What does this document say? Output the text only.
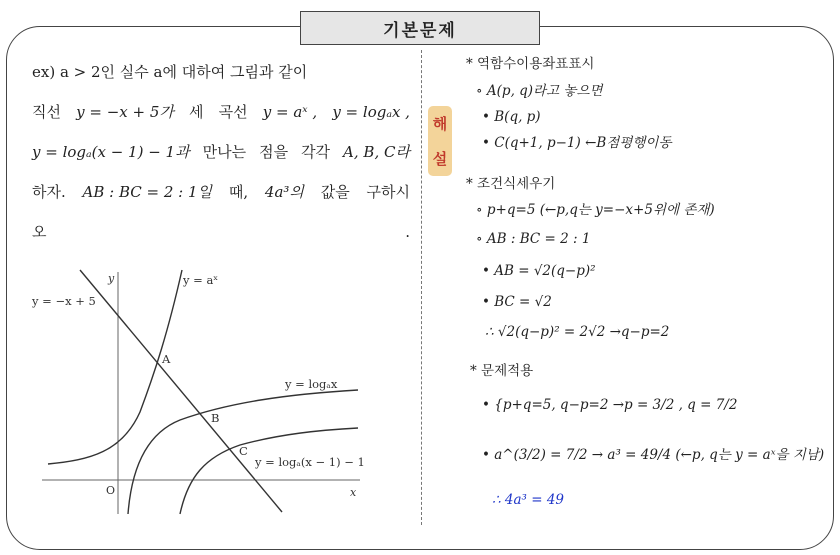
기본문제
ex) a > 2인 실수 a에 대하여 그림과 같이
직선 y = −x + 5가 세 곡선 y = aˣ , y = logₐx ,
y = logₐ(x − 1) − 1과 만나는 점을 각각 A, B, C라
하자. AB : BC = 2 : 1일 때, 4a³의 값을 구하시
오	.
y
x
O
y = −x + 5
y = aˣ
y = logₐx
y = logₐ(x − 1) − 1
A
B
C
해
설
* 역함수이용좌표표시
∘ A(p, q)라고 놓으면
• B(q, p)
• C(q+1, p−1) ←B점평행이동
* 조건식세우기
∘ p+q=5 (←p,q는 y=−x+5위에 존재)
∘ AB : BC = 2 : 1
• AB = √2(q−p)²
• BC = √2
∴ √2(q−p)² = 2√2 →q−p=2
* 문제적용
• {p+q=5, q−p=2 →p = 3/2 , q = 7/2
• a^(3/2) = 7/2 → a³ = 49/4 (←p, q는 y = aˣ을 지남)
∴ 4a³ = 49
